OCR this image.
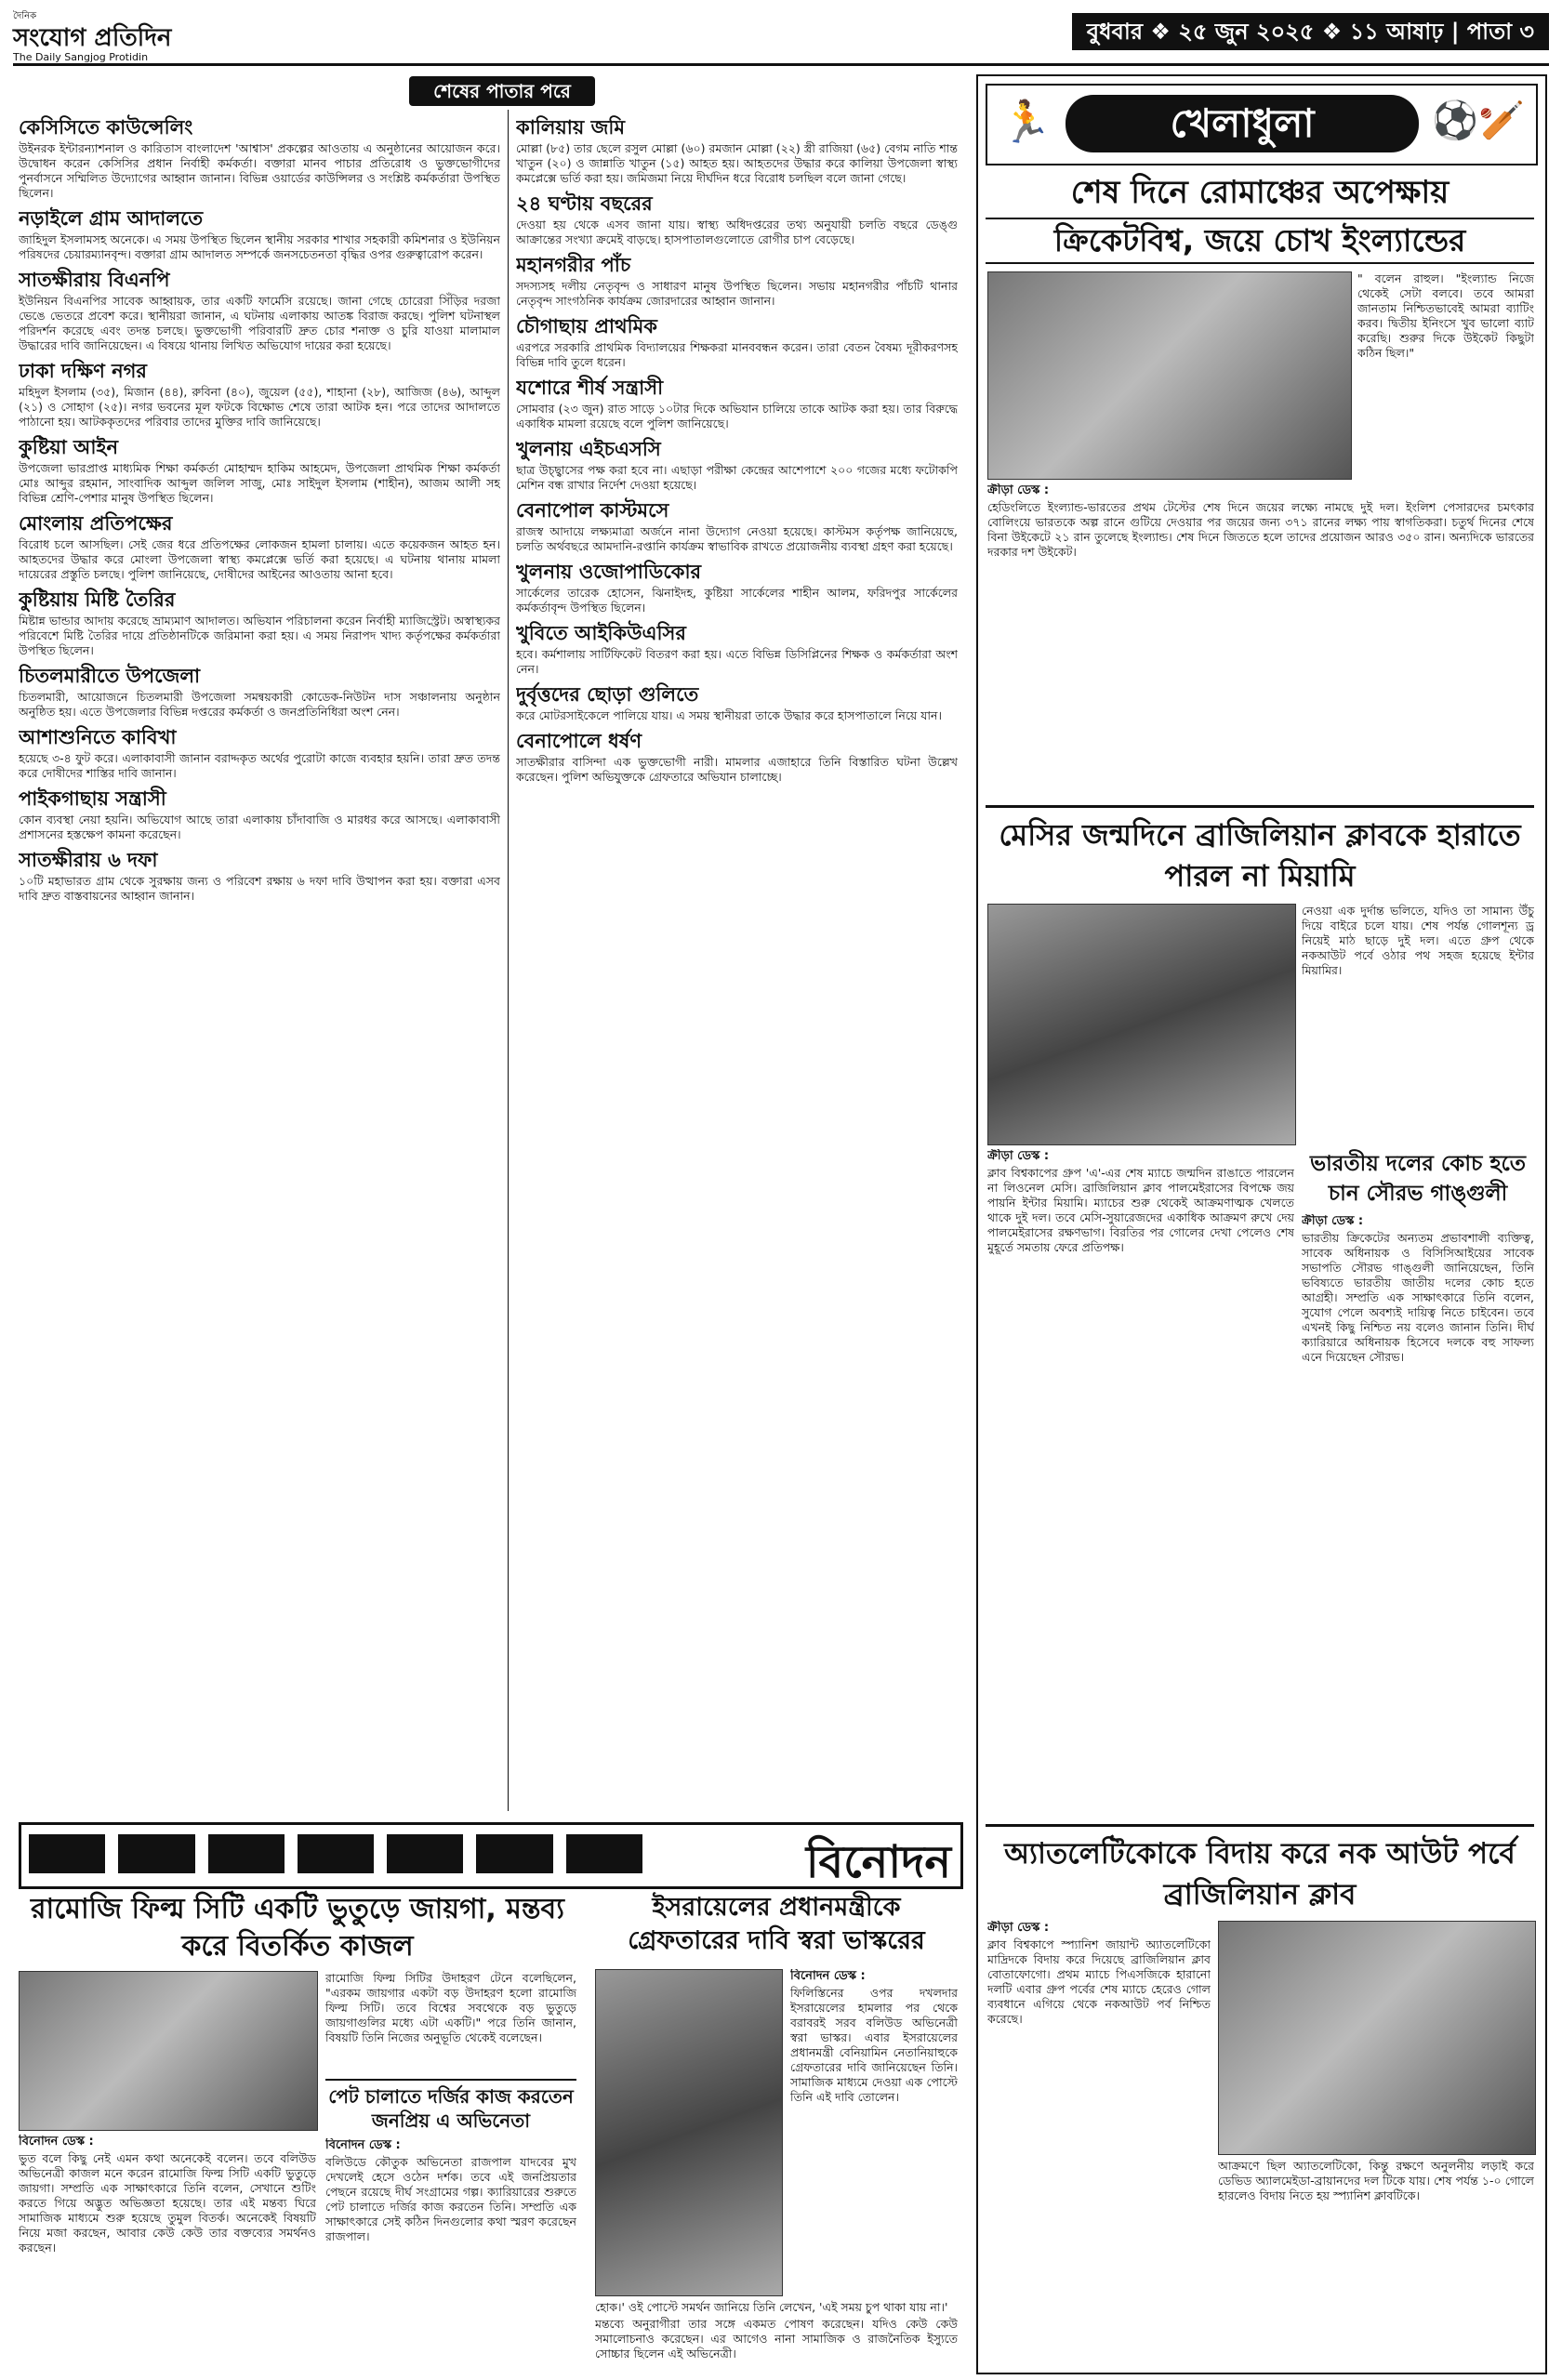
দৈনিক
সংযোগ প্রতিদিন
The Daily Sangjog Protidin
বুধবার ❖ ২৫ জুন ২০২৫ ❖ ১১ আষাঢ় | পাতা ৩
শেষের পাতার পরে
কেসিসিতে কাউন্সেলিং

উইনরক ইন্টারন্যাশনাল ও কারিতাস বাংলাদেশ 'আশ্বাস' প্রকল্পের আওতায় এ অনুষ্ঠানের আয়োজন করে। উদ্বোধন করেন কেসিসির প্রধান নির্বাহী কর্মকর্তা। বক্তারা মানব পাচার প্রতিরোধ ও ভুক্তভোগীদের পুনর্বাসনে সম্মিলিত উদ্যোগের আহ্বান জানান। বিভিন্ন ওয়ার্ডের কাউন্সিলর ও সংশ্লিষ্ট কর্মকর্তারা উপস্থিত ছিলেন।

নড়াইলে গ্রাম আদালতে

জাহিদুল ইসলামসহ অনেকে। এ সময় উপস্থিত ছিলেন স্থানীয় সরকার শাখার সহকারী কমিশনার ও ইউনিয়ন পরিষদের চেয়ারম্যানবৃন্দ। বক্তারা গ্রাম আদালত সম্পর্কে জনসচেতনতা বৃদ্ধির ওপর গুরুত্বারোপ করেন।

সাতক্ষীরায় বিএনপি

ইউনিয়ন বিএনপির সাবেক আহ্বায়ক, তার একটি ফার্মেসি রয়েছে। জানা গেছে চোরেরা সিঁড়ির দরজা ভেঙে ভেতরে প্রবেশ করে। স্থানীয়রা জানান, এ ঘটনায় এলাকায় আতঙ্ক বিরাজ করছে। পুলিশ ঘটনাস্থল পরিদর্শন করেছে এবং তদন্ত চলছে। ভুক্তভোগী পরিবারটি দ্রুত চোর শনাক্ত ও চুরি যাওয়া মালামাল উদ্ধারের দাবি জানিয়েছেন। এ বিষয়ে থানায় লিখিত অভিযোগ দায়ের করা হয়েছে।

ঢাকা দক্ষিণ নগর

মহিদুল ইসলাম (৩৫), মিজান (৪৪), রুবিনা (৪০), জুয়েল (৫৫), শাহানা (২৮), আজিজ (৪৬), আব্দুল (২১) ও সোহাগ (২৫)। নগর ভবনের মূল ফটকে বিক্ষোভ শেষে তারা আটক হন। পরে তাদের আদালতে পাঠানো হয়। আটককৃতদের পরিবার তাদের মুক্তির দাবি জানিয়েছে।

কুষ্টিয়া আইন

উপজেলা ভারপ্রাপ্ত মাধ্যমিক শিক্ষা কর্মকর্তা মোহাম্মদ হাকিম আহমেদ, উপজেলা প্রাথমিক শিক্ষা কর্মকর্তা মোঃ আব্দুর রহমান, সাংবাদিক আব্দুল জলিল সাজু, মোঃ সাইদুল ইসলাম (শাহীন), আজম আলী সহ বিভিন্ন শ্রেণি-পেশার মানুষ উপস্থিত ছিলেন।

মোংলায় প্রতিপক্ষের

বিরোধ চলে আসছিল। সেই জের ধরে প্রতিপক্ষের লোকজন হামলা চালায়। এতে কয়েকজন আহত হন। আহতদের উদ্ধার করে মোংলা উপজেলা স্বাস্থ্য কমপ্লেক্সে ভর্তি করা হয়েছে। এ ঘটনায় থানায় মামলা দায়েরের প্রস্তুতি চলছে। পুলিশ জানিয়েছে, দোষীদের আইনের আওতায় আনা হবে।

কুষ্টিয়ায় মিষ্টি তৈরির

মিষ্টান্ন ভান্ডার আদায় করেছে ভ্রাম্যমাণ আদালত। অভিযান পরিচালনা করেন নির্বাহী ম্যাজিস্ট্রেট। অস্বাস্থ্যকর পরিবেশে মিষ্টি তৈরির দায়ে প্রতিষ্ঠানটিকে জরিমানা করা হয়। এ সময় নিরাপদ খাদ্য কর্তৃপক্ষের কর্মকর্তারা উপস্থিত ছিলেন।

চিতলমারীতে উপজেলা

চিতলমারী, আয়োজনে চিতলমারী উপজেলা সমন্বয়কারী কোডেক-নিউটন দাস সঞ্চালনায় অনুষ্ঠান অনুষ্ঠিত হয়। এতে উপজেলার বিভিন্ন দপ্তরের কর্মকর্তা ও জনপ্রতিনিধিরা অংশ নেন।

আশাশুনিতে কাবিখা

হয়েছে ৩-৪ ফুট করে। এলাকাবাসী জানান বরাদ্দকৃত অর্থের পুরোটা কাজে ব্যবহার হয়নি। তারা দ্রুত তদন্ত করে দোষীদের শাস্তির দাবি জানান।

পাইকগাছায় সন্ত্রাসী

কোন ব্যবস্থা নেয়া হয়নি। অভিযোগ আছে তারা এলাকায় চাঁদাবাজি ও মারধর করে আসছে। এলাকাবাসী প্রশাসনের হস্তক্ষেপ কামনা করেছেন।

সাতক্ষীরায় ৬ দফা

১০টি মহাভারত গ্রাম থেকে সুরক্ষায় জন্য ও পরিবেশ রক্ষায় ৬ দফা দাবি উত্থাপন করা হয়। বক্তারা এসব দাবি দ্রুত বাস্তবায়নের আহ্বান জানান।

কালিয়ায় জমি

মোল্লা (৮৫) তার ছেলে রসুল মোল্লা (৬০) রমজান মোল্লা (২২) স্ত্রী রাজিয়া (৬৫) বেগম নাতি শান্ত খাতুন (২০) ও জান্নাতি খাতুন (১৫) আহত হয়। আহতদের উদ্ধার করে কালিয়া উপজেলা স্বাস্থ্য কমপ্লেক্সে ভর্তি করা হয়। জমিজমা নিয়ে দীর্ঘদিন ধরে বিরোধ চলছিল বলে জানা গেছে।

২৪ ঘণ্টায় বছরের

দেওয়া হয় থেকে এসব জানা যায়। স্বাস্থ্য অধিদপ্তরের তথ্য অনুযায়ী চলতি বছরে ডেঙ্গু আক্রান্তের সংখ্যা ক্রমেই বাড়ছে। হাসপাতালগুলোতে রোগীর চাপ বেড়েছে।

মহানগরীর পাঁচ

সদস্যসহ দলীয় নেতৃবৃন্দ ও সাধারণ মানুষ উপস্থিত ছিলেন। সভায় মহানগরীর পাঁচটি থানার নেতৃবৃন্দ সাংগঠনিক কার্যক্রম জোরদারের আহ্বান জানান।

চৌগাছায় প্রাথমিক

এরপরে সরকারি প্রাথমিক বিদ্যালয়ের শিক্ষকরা মানববন্ধন করেন। তারা বেতন বৈষম্য দূরীকরণসহ বিভিন্ন দাবি তুলে ধরেন।

যশোরে শীর্ষ সন্ত্রাসী

সোমবার (২৩ জুন) রাত সাড়ে ১০টার দিকে অভিযান চালিয়ে তাকে আটক করা হয়। তার বিরুদ্ধে একাধিক মামলা রয়েছে বলে পুলিশ জানিয়েছে।

খুলনায় এইচএসসি

ছাত্র উচ্ছ্বাসের পক্ষ করা হবে না। এছাড়া পরীক্ষা কেন্দ্রের আশেপাশে ২০০ গজের মধ্যে ফটোকপি মেশিন বন্ধ রাখার নির্দেশ দেওয়া হয়েছে।

বেনাপোল কাস্টমসে

রাজস্ব আদায়ে লক্ষ্যমাত্রা অর্জনে নানা উদ্যোগ নেওয়া হয়েছে। কাস্টমস কর্তৃপক্ষ জানিয়েছে, চলতি অর্থবছরে আমদানি-রপ্তানি কার্যক্রম স্বাভাবিক রাখতে প্রয়োজনীয় ব্যবস্থা গ্রহণ করা হয়েছে।

খুলনায় ওজোপাডিকোর

সার্কেলের তারেক হোসেন, ঝিনাইদহ, কুষ্টিয়া সার্কেলের শাহীন আলম, ফরিদপুর সার্কেলের কর্মকর্তাবৃন্দ উপস্থিত ছিলেন।

খুবিতে আইকিউএসির

হবে। কর্মশালায় সার্টিফিকেট বিতরণ করা হয়। এতে বিভিন্ন ডিসিপ্লিনের শিক্ষক ও কর্মকর্তারা অংশ নেন।

দুর্বৃত্তদের ছোড়া গুলিতে

করে মোটরসাইকেলে পালিয়ে যায়। এ সময় স্থানীয়রা তাকে উদ্ধার করে হাসপাতালে নিয়ে যান।

বেনাপোলে ধর্ষণ

সাতক্ষীরার বাসিন্দা এক ভুক্তভোগী নারী। মামলার এজাহারে তিনি বিস্তারিত ঘটনা উল্লেখ করেছেন। পুলিশ অভিযুক্তকে গ্রেফতারে অভিযান চালাচ্ছে।

বিনোদন
রামোজি ফিল্ম সিটি একটি ভুতুড়ে জায়গা, মন্তব্য করে বিতর্কিত কাজল

বিনোদন ডেস্ক :

ভুত বলে কিছু নেই এমন কথা অনেকেই বলেন। তবে বলিউড অভিনেত্রী কাজল মনে করেন রামোজি ফিল্ম সিটি একটি ভুতুড়ে জায়গা। সম্প্রতি এক সাক্ষাৎকারে তিনি বলেন, সেখানে শুটিং করতে গিয়ে অদ্ভুত অভিজ্ঞতা হয়েছে। তার এই মন্তব্য ঘিরে সামাজিক মাধ্যমে শুরু হয়েছে তুমুল বিতর্ক। অনেকেই বিষয়টি নিয়ে মজা করছেন, আবার কেউ কেউ তার বক্তব্যের সমর্থনও করছেন।

রামোজি ফিল্ম সিটির উদাহরণ টেনে বলেছিলেন, "এরকম জায়গার একটা বড় উদাহরণ হলো রামোজি ফিল্ম সিটি। তবে বিশ্বের সবথেকে বড় ভুতুড়ে জায়গাগুলির মধ্যে এটা একটি।" পরে তিনি জানান, বিষয়টি তিনি নিজের অনুভূতি থেকেই বলেছেন।

পেট চালাতে দর্জির কাজ করতেন জনপ্রিয় এ অভিনেতা

বিনোদন ডেস্ক :

বলিউডে কৌতুক অভিনেতা রাজপাল যাদবের মুখ দেখলেই হেসে ওঠেন দর্শক। তবে এই জনপ্রিয়তার পেছনে রয়েছে দীর্ঘ সংগ্রামের গল্প। ক্যারিয়ারের শুরুতে পেট চালাতে দর্জির কাজ করতেন তিনি। সম্প্রতি এক সাক্ষাৎকারে সেই কঠিন দিনগুলোর কথা স্মরণ করেছেন রাজপাল।

ইসরায়েলের প্রধানমন্ত্রীকে গ্রেফতারের দাবি স্বরা ভাস্করের

বিনোদন ডেস্ক :

ফিলিস্তিনের ওপর দখলদার ইসরায়েলের হামলার পর থেকে বরাবরই সরব বলিউড অভিনেত্রী স্বরা ভাস্কর। এবার ইসরায়েলের প্রধানমন্ত্রী বেনিয়ামিন নেতানিয়াহুকে গ্রেফতারের দাবি জানিয়েছেন তিনি। সামাজিক মাধ্যমে দেওয়া এক পোস্টে তিনি এই দাবি তোলেন।

হোক।' ওই পোস্টে সমর্থন জানিয়ে তিনি লেখেন, 'এই সময় চুপ থাকা যায় না।'

মন্তব্যে অনুরাগীরা তার সঙ্গে একমত পোষণ করেছেন। যদিও কেউ কেউ সমালোচনাও করেছেন। এর আগেও নানা সামাজিক ও রাজনৈতিক ইস্যুতে সোচ্চার ছিলেন এই অভিনেত্রী।

🏃	খেলাধুলা	⚽🏏
শেষ দিনে রোমাঞ্চের অপেক্ষায়
ক্রিকেটবিশ্ব, জয়ে চোখ ইংল্যান্ডের

" বলেন রাহুল। "ইংল্যান্ড নিজে থেকেই সেটা বলবে। তবে আমরা জানতাম নিশ্চিতভাবেই আমরা ব্যাটিং করব। দ্বিতীয় ইনিংসে খুব ভালো ব্যাট করেছি। শুরুর দিকে উইকেট কিছুটা কঠিন ছিল।"

ক্রীড়া ডেস্ক :

হেডিংলিতে ইংল্যান্ড-ভারতের প্রথম টেস্টের শেষ দিনে জয়ের লক্ষ্যে নামছে দুই দল। ইংলিশ পেসারদের চমৎকার বোলিংয়ে ভারতকে অল্প রানে গুটিয়ে দেওয়ার পর জয়ের জন্য ৩৭১ রানের লক্ষ্য পায় স্বাগতিকরা। চতুর্থ দিনের শেষে বিনা উইকেটে ২১ রান তুলেছে ইংল্যান্ড। শেষ দিনে জিততে হলে তাদের প্রয়োজন আরও ৩৫০ রান। অন্যদিকে ভারতের দরকার দশ উইকেট।

মেসির জন্মদিনে ব্রাজিলিয়ান ক্লাবকে হারাতে পারল না মিয়ামি

নেওয়া এক দুর্দান্ত ভলিতে, যদিও তা সামান্য উঁচু দিয়ে বাইরে চলে যায়। শেষ পর্যন্ত গোলশূন্য ড্র নিয়েই মাঠ ছাড়ে দুই দল। এতে গ্রুপ থেকে নকআউট পর্বে ওঠার পথ সহজ হয়েছে ইন্টার মিয়ামির।

ক্রীড়া ডেস্ক :

ক্লাব বিশ্বকাপের গ্রুপ 'এ'-এর শেষ ম্যাচে জন্মদিন রাঙাতে পারলেন না লিওনেল মেসি। ব্রাজিলিয়ান ক্লাব পালমেইরাসের বিপক্ষে জয় পায়নি ইন্টার মিয়ামি। ম্যাচের শুরু থেকেই আক্রমণাত্মক খেলতে থাকে দুই দল। তবে মেসি-সুয়ারেজদের একাধিক আক্রমণ রুখে দেয় পালমেইরাসের রক্ষণভাগ। বিরতির পর গোলের দেখা পেলেও শেষ মুহূর্তে সমতায় ফেরে প্রতিপক্ষ।

ভারতীয় দলের কোচ হতে চান সৌরভ গাঙ্গুলী

ক্রীড়া ডেস্ক :

ভারতীয় ক্রিকেটের অন্যতম প্রভাবশালী ব্যক্তিত্ব, সাবেক অধিনায়ক ও বিসিসিআইয়ের সাবেক সভাপতি সৌরভ গাঙ্গুলী জানিয়েছেন, তিনি ভবিষ্যতে ভারতীয় জাতীয় দলের কোচ হতে আগ্রহী। সম্প্রতি এক সাক্ষাৎকারে তিনি বলেন, সুযোগ পেলে অবশ্যই দায়িত্ব নিতে চাইবেন। তবে এখনই কিছু নিশ্চিত নয় বলেও জানান তিনি। দীর্ঘ ক্যারিয়ারে অধিনায়ক হিসেবে দলকে বহু সাফল্য এনে দিয়েছেন সৌরভ।

অ্যাতলেটিকোকে বিদায় করে নক আউট পর্বে ব্রাজিলিয়ান ক্লাব

ক্রীড়া ডেস্ক :

ক্লাব বিশ্বকাপে স্প্যানিশ জায়ান্ট অ্যাতলেটিকো মাদ্রিদকে বিদায় করে দিয়েছে ব্রাজিলিয়ান ক্লাব বোতাফোগো। প্রথম ম্যাচে পিএসজিকে হারানো দলটি এবার গ্রুপ পর্বের শেষ ম্যাচে হেরেও গোল ব্যবধানে এগিয়ে থেকে নকআউট পর্ব নিশ্চিত করেছে।

আক্রমণে ছিল অ্যাতলেটিকো, কিন্তু রক্ষণে অনুলনীয় লড়াই করে ডেভিড অ্যালমেইডা-ব্রায়ানদের দল টিকে যায়। শেষ পর্যন্ত ১-০ গোলে হারলেও বিদায় নিতে হয় স্প্যানিশ ক্লাবটিকে।
